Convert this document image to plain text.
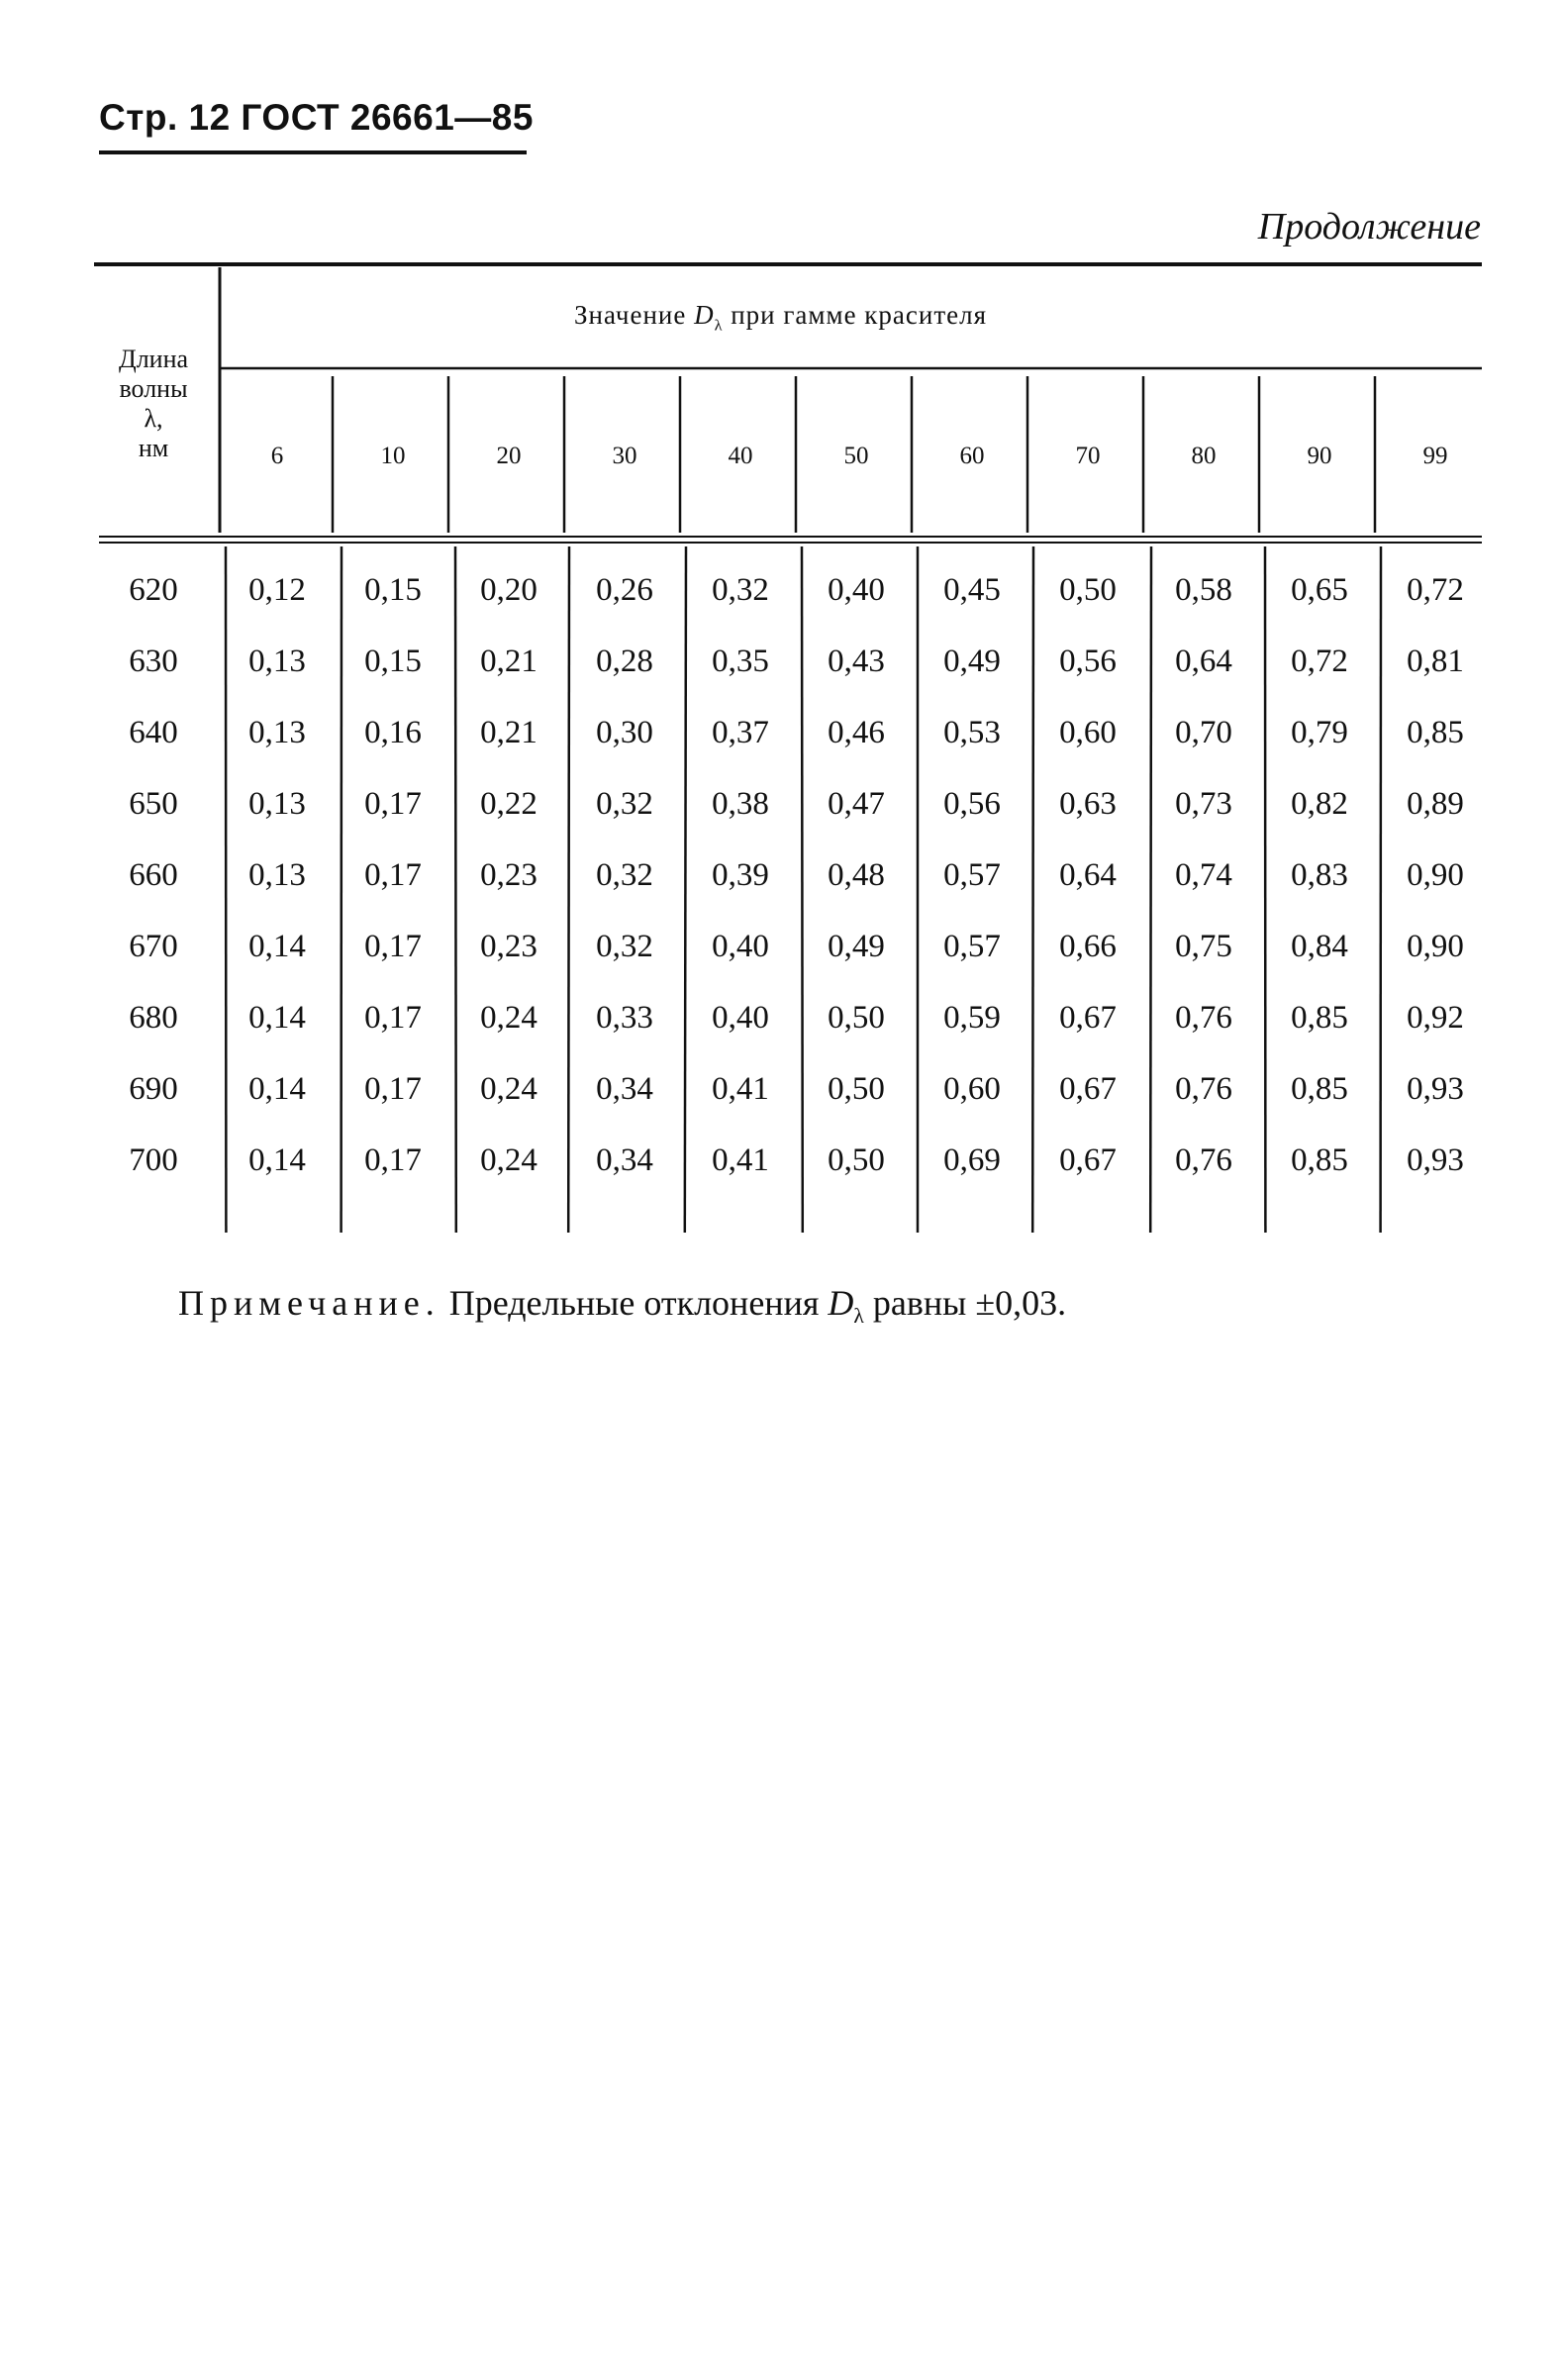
Стр. 12 ГОСТ 26661—85
Продолжение
Длина
волны
λ,
нм
Значение $D_\lambda$ при гамме красителя
6	10	20	30	40	50	60	70	80	90	99
620	0,12	0,15	0,20	0,26	0,32	0,40	0,45	0,50	0,58	0,65	0,72
630	0,13	0,15	0,21	0,28	0,35	0,43	0,49	0,56	0,64	0,72	0,81
640	0,13	0,16	0,21	0,30	0,37	0,46	0,53	0,60	0,70	0,79	0,85
650	0,13	0,17	0,22	0,32	0,38	0,47	0,56	0,63	0,73	0,82	0,89
660	0,13	0,17	0,23	0,32	0,39	0,48	0,57	0,64	0,74	0,83	0,90
670	0,14	0,17	0,23	0,32	0,40	0,49	0,57	0,66	0,75	0,84	0,90
680	0,14	0,17	0,24	0,33	0,40	0,50	0,59	0,67	0,76	0,85	0,92
690	0,14	0,17	0,24	0,34	0,41	0,50	0,60	0,67	0,76	0,85	0,93
700	0,14	0,17	0,24	0,34	0,41	0,50	0,69	0,67	0,76	0,85	0,93
Примечание. Предельные отклонения $D_\lambda$ равны ±0,03.
